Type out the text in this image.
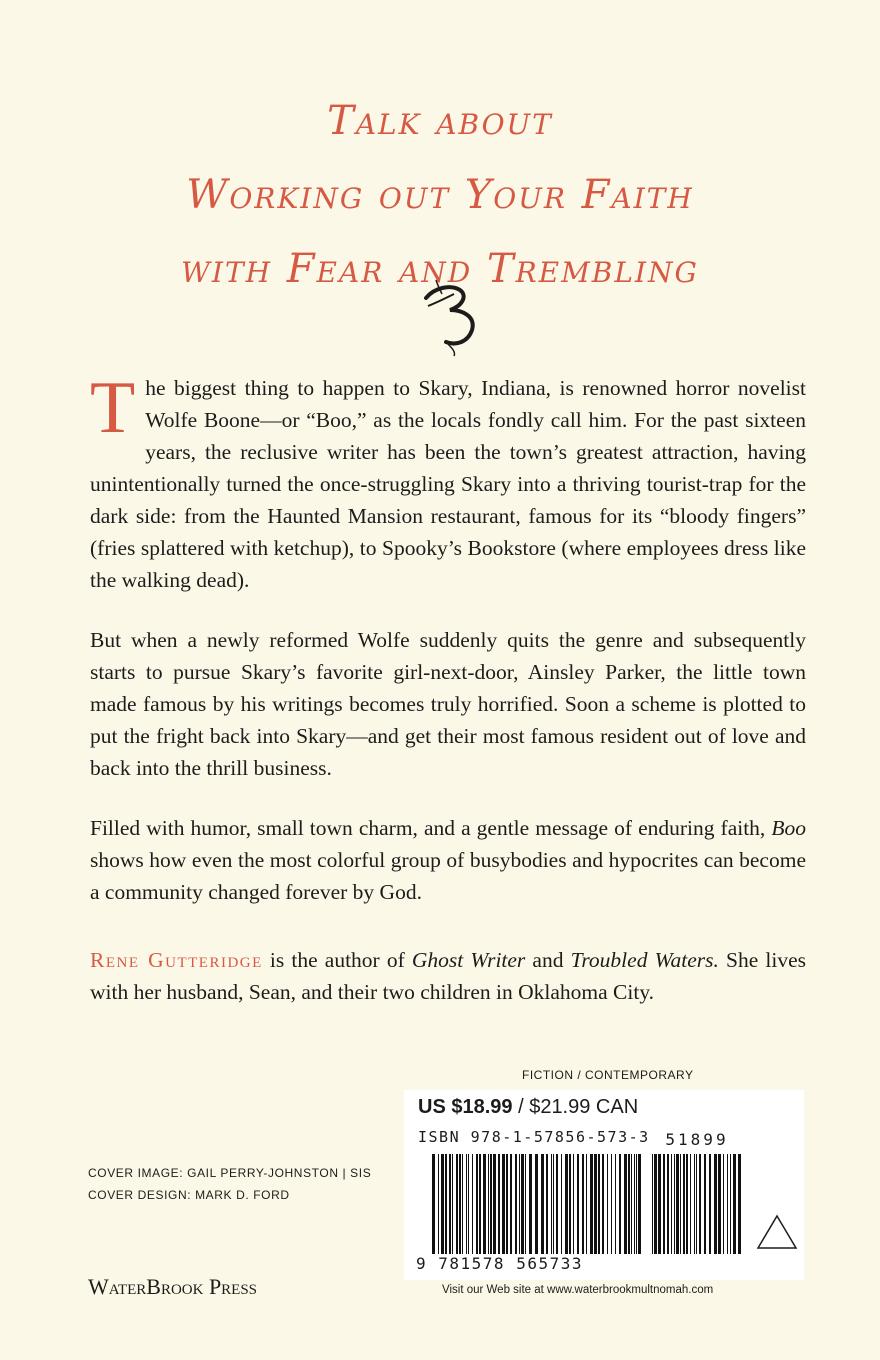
Talk about
Working out Your Faith
with Fear and Trembling

The biggest thing to happen to Skary, Indiana, is renowned horror novelist Wolfe Boone—or “Boo,” as the locals fondly call him. For the past sixteen years, the reclusive writer has been the town’s greatest attraction, having unintentionally turned the once-struggling Skary into a thriving tourist-trap for the dark side: from the Haunted Mansion restaurant, famous for its “bloody fingers” (fries splattered with ketchup), to Spooky’s Bookstore (where employees dress like the walking dead).

But when a newly reformed Wolfe suddenly quits the genre and subsequently starts to pursue Skary’s favorite girl-next-door, Ainsley Parker, the little town made famous by his writings becomes truly horrified. Soon a scheme is plotted to put the fright back into Skary—and get their most famous resident out of love and back into the thrill business.

Filled with humor, small town charm, and a gentle message of enduring faith, Boo shows how even the most colorful group of busybodies and hypocrites can become a community changed forever by God.

Rene Gutteridge is the author of Ghost Writer and Troubled Waters. She lives with her husband, Sean, and their two children in Oklahoma City.

FICTION / CONTEMPORARY
US $18.99 / $21.99 CAN
ISBN 978-1-57856-573-3 51899
9 781578 565733
Visit our Web site at www.waterbrookmultnomah.com
COVER IMAGE: GAIL PERRY-JOHNSTON | SIS
COVER DESIGN: MARK D. FORD
WaterBrook Press
